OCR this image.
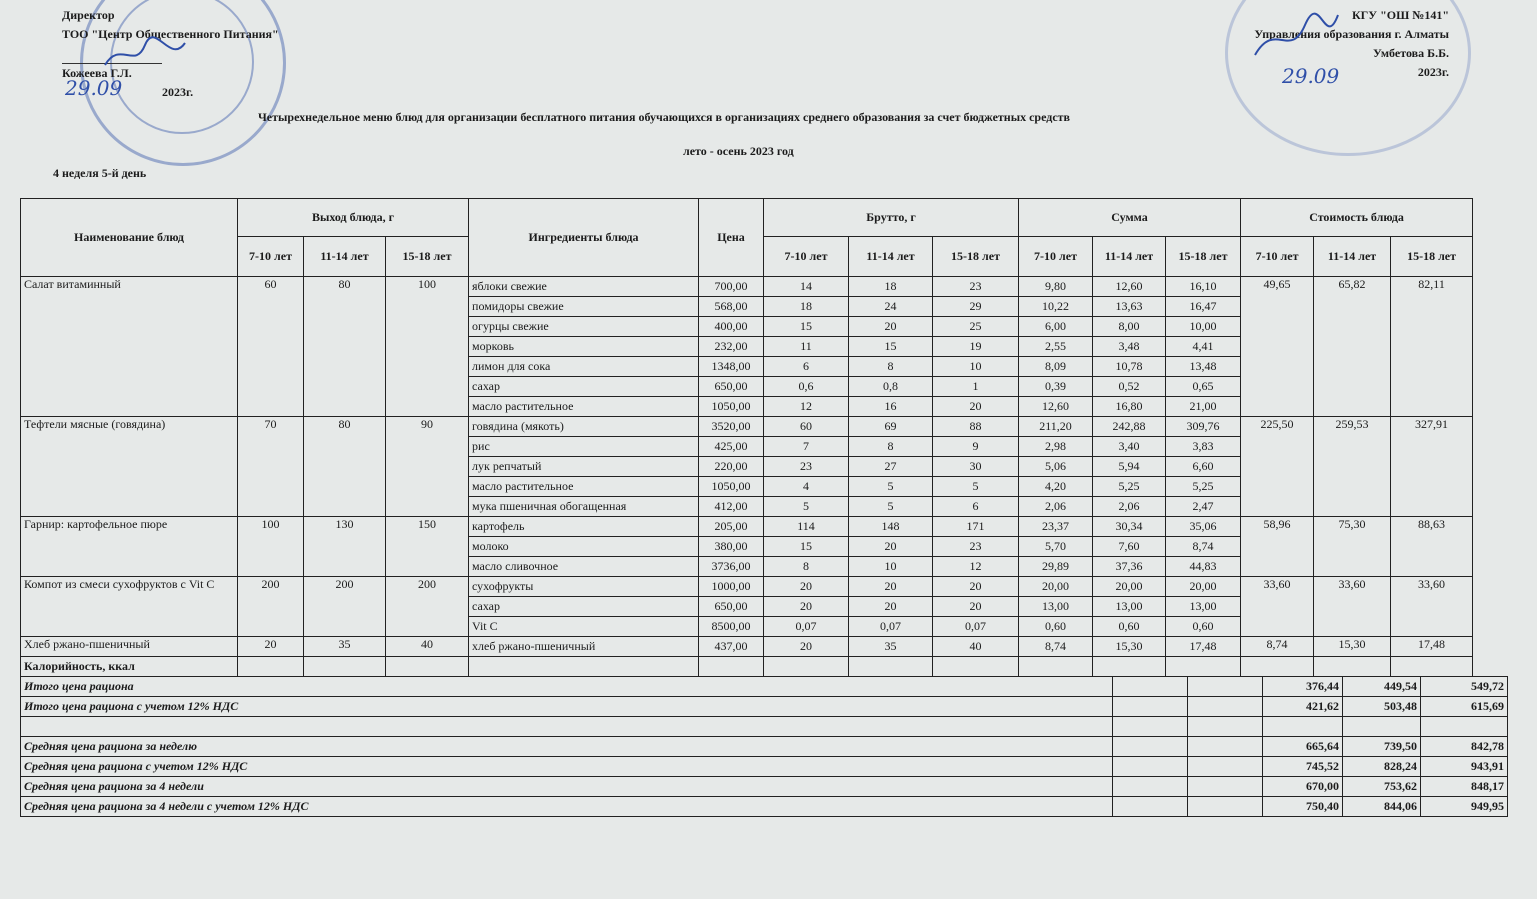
Директор
ТОО "Центр Общественного Питания"
Кожеева Г.Л.
2023г.
29.09
КГУ "ОШ №141"
Управления образования г. Алматы
Умбетова Б.Б.
2023г.
29.09
Четырехнедельное меню блюд для организации бесплатного питания обучающихся в организациях среднего образования за счет бюджетных средств
лето - осень 2023 год
4 неделя 5-й день
Наименование блюд	Выход блюда, г			Ингредиенты блюда	Цена	Брутто, г			Сумма			Стоимость блюда		
	7-10 лет	11-14 лет	15-18 лет			7-10 лет	11-14 лет	15-18 лет	7-10 лет	11-14 лет	15-18 лет	7-10 лет	11-14 лет	15-18 лет
Салат витаминный	60	80	100	яблоки свежие	700,00	14	18	23	9,80	12,60	16,10	49,65	65,82	82,11
				помидоры свежие	568,00	18	24	29	10,22	13,63	16,47			
				огурцы свежие	400,00	15	20	25	6,00	8,00	10,00			
				морковь	232,00	11	15	19	2,55	3,48	4,41			
				лимон для сока	1348,00	6	8	10	8,09	10,78	13,48			
				сахар	650,00	0,6	0,8	1	0,39	0,52	0,65			
				масло растительное	1050,00	12	16	20	12,60	16,80	21,00			
Тефтели мясные (говядина)	70	80	90	говядина (мякоть)	3520,00	60	69	88	211,20	242,88	309,76	225,50	259,53	327,91
				рис	425,00	7	8	9	2,98	3,40	3,83			
				лук репчатый	220,00	23	27	30	5,06	5,94	6,60			
				масло растительное	1050,00	4	5	5	4,20	5,25	5,25			
				мука пшеничная обогащенная	412,00	5	5	6	2,06	2,06	2,47			
Гарнир: картофельное пюре	100	130	150	картофель	205,00	114	148	171	23,37	30,34	35,06	58,96	75,30	88,63
				молоко	380,00	15	20	23	5,70	7,60	8,74			
				масло сливочное	3736,00	8	10	12	29,89	37,36	44,83			
Компот из смеси сухофруктов с Vit C	200	200	200	сухофрукты	1000,00	20	20	20	20,00	20,00	20,00	33,60	33,60	33,60
				сахар	650,00	20	20	20	13,00	13,00	13,00			
				Vit C	8500,00	0,07	0,07	0,07	0,60	0,60	0,60			
Хлеб ржано-пшеничный	20	35	40	хлеб ржано-пшеничный	437,00	20	35	40	8,74	15,30	17,48	8,74	15,30	17,48
Калорийность, ккал														
Итого цена рациона			376,44	449,54	549,72
Итого цена рациона с учетом 12% НДС			421,62	503,48	615,69

Средняя цена рациона за неделю			665,64	739,50	842,78
Средняя цена рациона с учетом 12% НДС			745,52	828,24	943,91
Средняя цена рациона за 4 недели			670,00	753,62	848,17
Средняя цена рациона за 4 недели с учетом 12% НДС			750,40	844,06	949,95
